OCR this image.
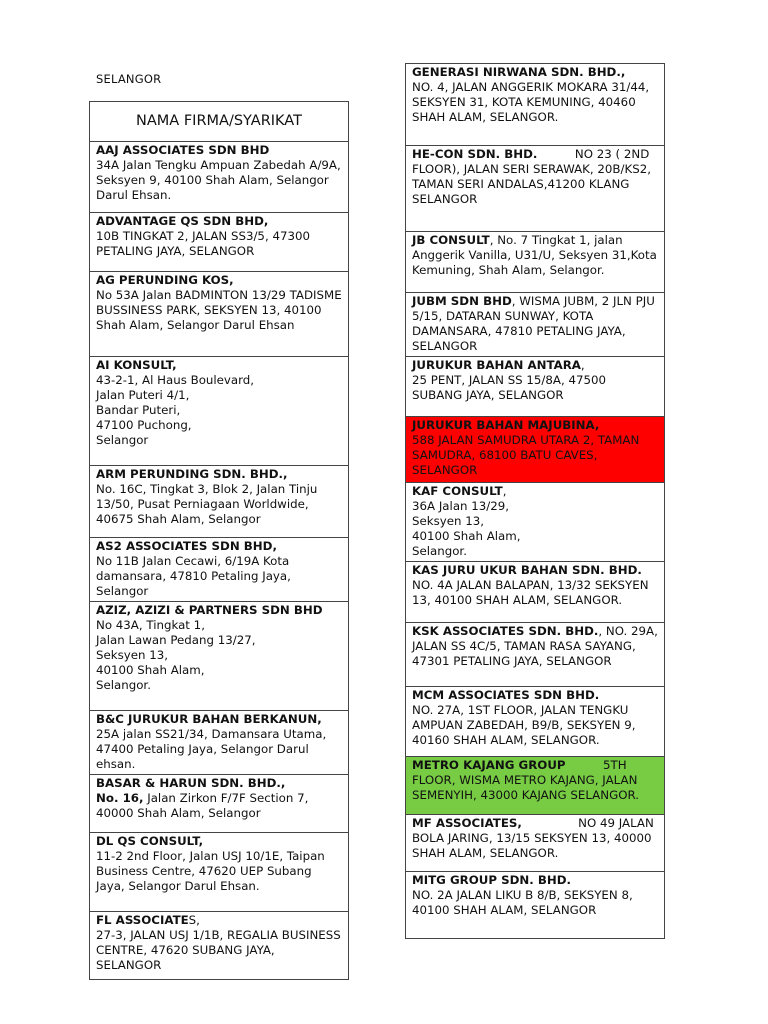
SELANGOR
NAMA FIRMA/SYARIKAT
AAJ ASSOCIATES SDN BHD
34A Jalan Tengku Ampuan Zabedah A/9A, Seksyen 9, 40100 Shah Alam, Selangor Darul Ehsan.
ADVANTAGE QS SDN BHD,
10B TINGKAT 2, JALAN SS3/5, 47300 PETALING JAYA, SELANGOR
AG PERUNDING KOS,
No 53A Jalan BADMINTON 13/29 TADISME BUSSINESS PARK, SEKSYEN 13, 40100 Shah Alam, Selangor Darul Ehsan
AI KONSULT,
43-2-1, Al Haus Boulevard,
Jalan Puteri 4/1,
Bandar Puteri,
47100 Puchong,
Selangor
ARM PERUNDING SDN. BHD.,
No. 16C, Tingkat 3, Blok 2, Jalan Tinju 13/50, Pusat Perniagaan Worldwide, 40675 Shah Alam, Selangor
AS2 ASSOCIATES SDN BHD,
No 11B Jalan Cecawi, 6/19A Kota damansara, 47810 Petaling Jaya, Selangor
AZIZ, AZIZI & PARTNERS SDN BHD
No 43A, Tingkat 1,
Jalan Lawan Pedang 13/27,
Seksyen 13,
40100 Shah Alam,
Selangor.
B&C JURUKUR BAHAN BERKANUN,
25A jalan SS21/34, Damansara Utama, 47400 Petaling Jaya, Selangor Darul ehsan.
BASAR & HARUN SDN. BHD.,
No. 16, Jalan Zirkon F/7F Section 7, 40000 Shah Alam, Selangor
DL QS CONSULT,
11-2 2nd Floor, Jalan USJ 10/1E, Taipan Business Centre, 47620 UEP Subang Jaya, Selangor Darul Ehsan.
FL ASSOCIATES,
27-3, JALAN USJ 1/1B, REGALIA BUSINESS CENTRE, 47620 SUBANG JAYA, SELANGOR
GENERASI NIRWANA SDN. BHD.,
NO. 4, JALAN ANGGERIK MOKARA 31/44, SEKSYEN 31, KOTA KEMUNING, 40460 SHAH ALAM, SELANGOR.
HE-CON SDN. BHD.          NO 23 ( 2ND FLOOR), JALAN SERI SERAWAK, 20B/KS2, TAMAN SERI ANDALAS,41200 KLANG SELANGOR
JB CONSULT, No. 7 Tingkat 1, jalan Anggerik Vanilla, U31/U, Seksyen 31,Kota Kemuning, Shah Alam, Selangor.
JUBM SDN BHD, WISMA JUBM, 2 JLN PJU 5/15, DATARAN SUNWAY, KOTA DAMANSARA, 47810 PETALING JAYA, SELANGOR
JURUKUR BAHAN ANTARA,
25 PENT, JALAN SS 15/8A, 47500 SUBANG JAYA, SELANGOR
JURUKUR BAHAN MAJUBINA,
588 JALAN SAMUDRA UTARA 2, TAMAN SAMUDRA, 68100 BATU CAVES, SELANGOR
KAF CONSULT,
36A Jalan 13/29,
Seksyen 13,
40100 Shah Alam,
Selangor.
KAS JURU UKUR BAHAN SDN. BHD.
NO. 4A JALAN BALAPAN, 13/32 SEKSYEN 13, 40100 SHAH ALAM, SELANGOR.
KSK ASSOCIATES SDN. BHD., NO. 29A, JALAN SS 4C/5, TAMAN RASA SAYANG, 47301 PETALING JAYA, SELANGOR
MCM ASSOCIATES SDN BHD.
NO. 27A, 1ST FLOOR, JALAN TENGKU AMPUAN ZABEDAH, B9/B, SEKSYEN 9, 40160 SHAH ALAM, SELANGOR.
METRO KAJANG GROUP          5TH FLOOR, WISMA METRO KAJANG, JALAN SEMENYIH, 43000 KAJANG SELANGOR.
MF ASSOCIATES,               NO 49 JALAN BOLA JARING, 13/15 SEKSYEN 13, 40000 SHAH ALAM, SELANGOR.
MITG GROUP SDN. BHD.
NO. 2A JALAN LIKU B 8/B, SEKSYEN 8, 40100 SHAH ALAM, SELANGOR
